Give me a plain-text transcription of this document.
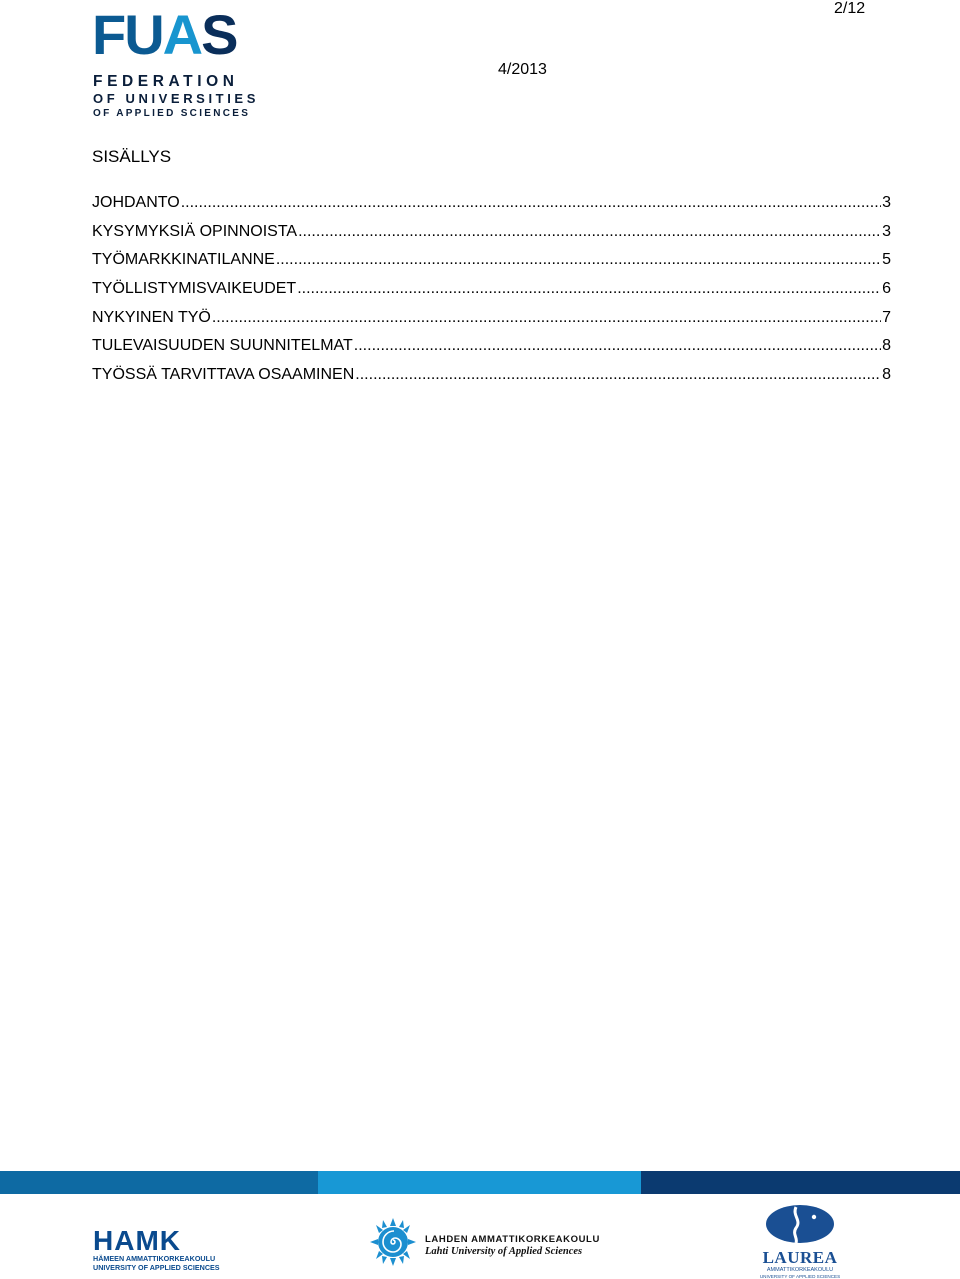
2/12
4/2013
FUAS
FEDERATION
OF UNIVERSITIES
OF APPLIED SCIENCES
SISÄLLYS
JOHDANTO .....	3
KYSYMYKSIÄ OPINNOISTA .....	3
TYÖMARKKINATILANNE .....	5
TYÖLLISTYMISVAIKEUDET .....	6
NYKYINEN TYÖ .....	7
TULEVAISUUDEN SUUNNITELMAT .....	8
TYÖSSÄ TARVITTAVA OSAAMINEN .....	8
HAMK
HÄMEEN AMMATTIKORKEAKOULU
UNIVERSITY OF APPLIED SCIENCES
LAHDEN AMMATTIKORKEAKOULU
Lahti University of Applied Sciences	LAUREA
AMMATTIKORKEAKOULU
UNIVERSITY OF APPLIED SCIENCES
